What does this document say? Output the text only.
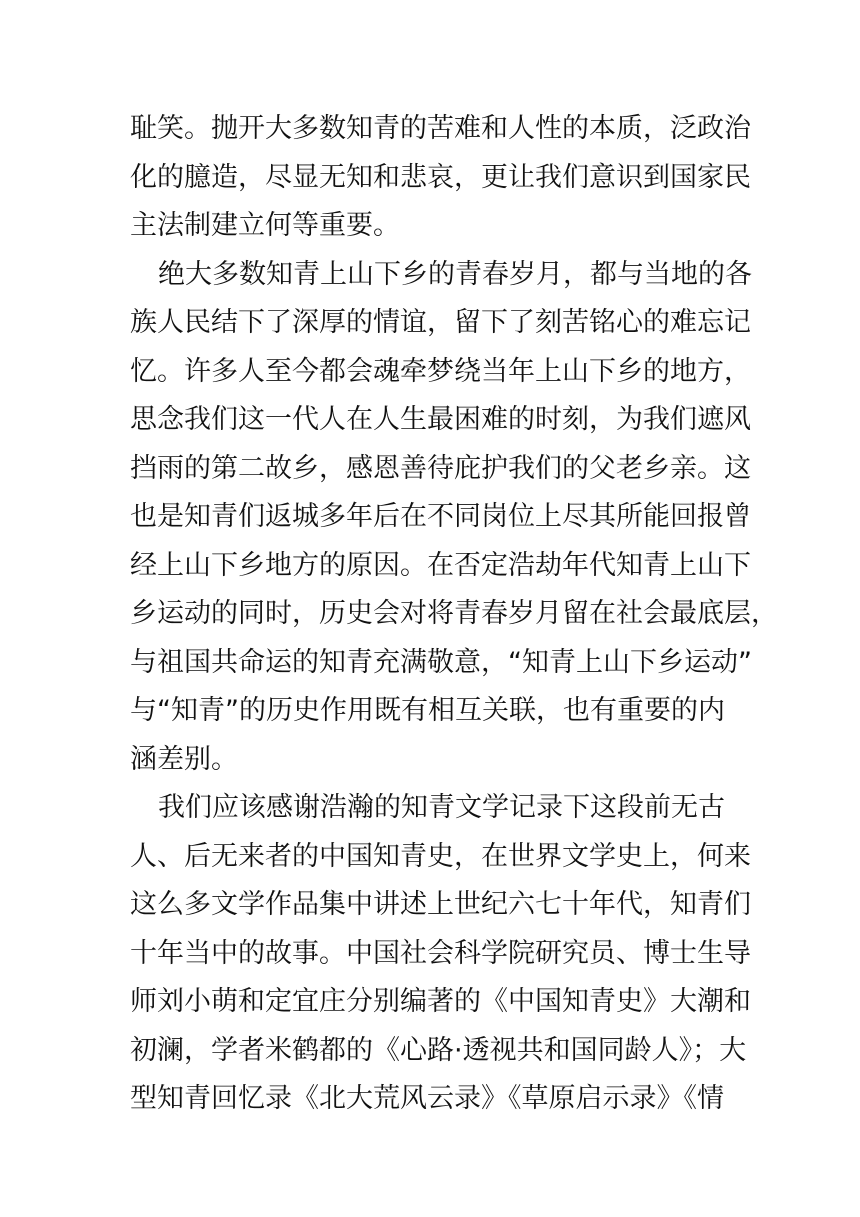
耻笑。抛开大多数知青的苦难和人性的本质，泛政治
化的臆造，尽显无知和悲哀，更让我们意识到国家民
主法制建立何等重要。
绝大多数知青上山下乡的青春岁月，都与当地的各
族人民结下了深厚的情谊，留下了刻苦铭心的难忘记
忆。许多人至今都会魂牵梦绕当年上山下乡的地方，
思念我们这一代人在人生最困难的时刻，为我们遮风
挡雨的第二故乡，感恩善待庇护我们的父老乡亲。这
也是知青们返城多年后在不同岗位上尽其所能回报曾
经上山下乡地方的原因。在否定浩劫年代知青上山下
乡运动的同时，历史会对将青春岁月留在社会最底层，
与祖国共命运的知青充满敬意，“知青上山下乡运动”
与“知青”的历史作用既有相互关联，也有重要的内
涵差别。
我们应该感谢浩瀚的知青文学记录下这段前无古
人、后无来者的中国知青史，在世界文学史上，何来
这么多文学作品集中讲述上世纪六七十年代，知青们
十年当中的故事。中国社会科学院研究员、博士生导
师刘小萌和定宜庄分别编著的《中国知青史》大潮和
初澜，学者米鹤都的《心路·透视共和国同龄人》；大
型知青回忆录《北大荒风云录》《草原启示录》《情
